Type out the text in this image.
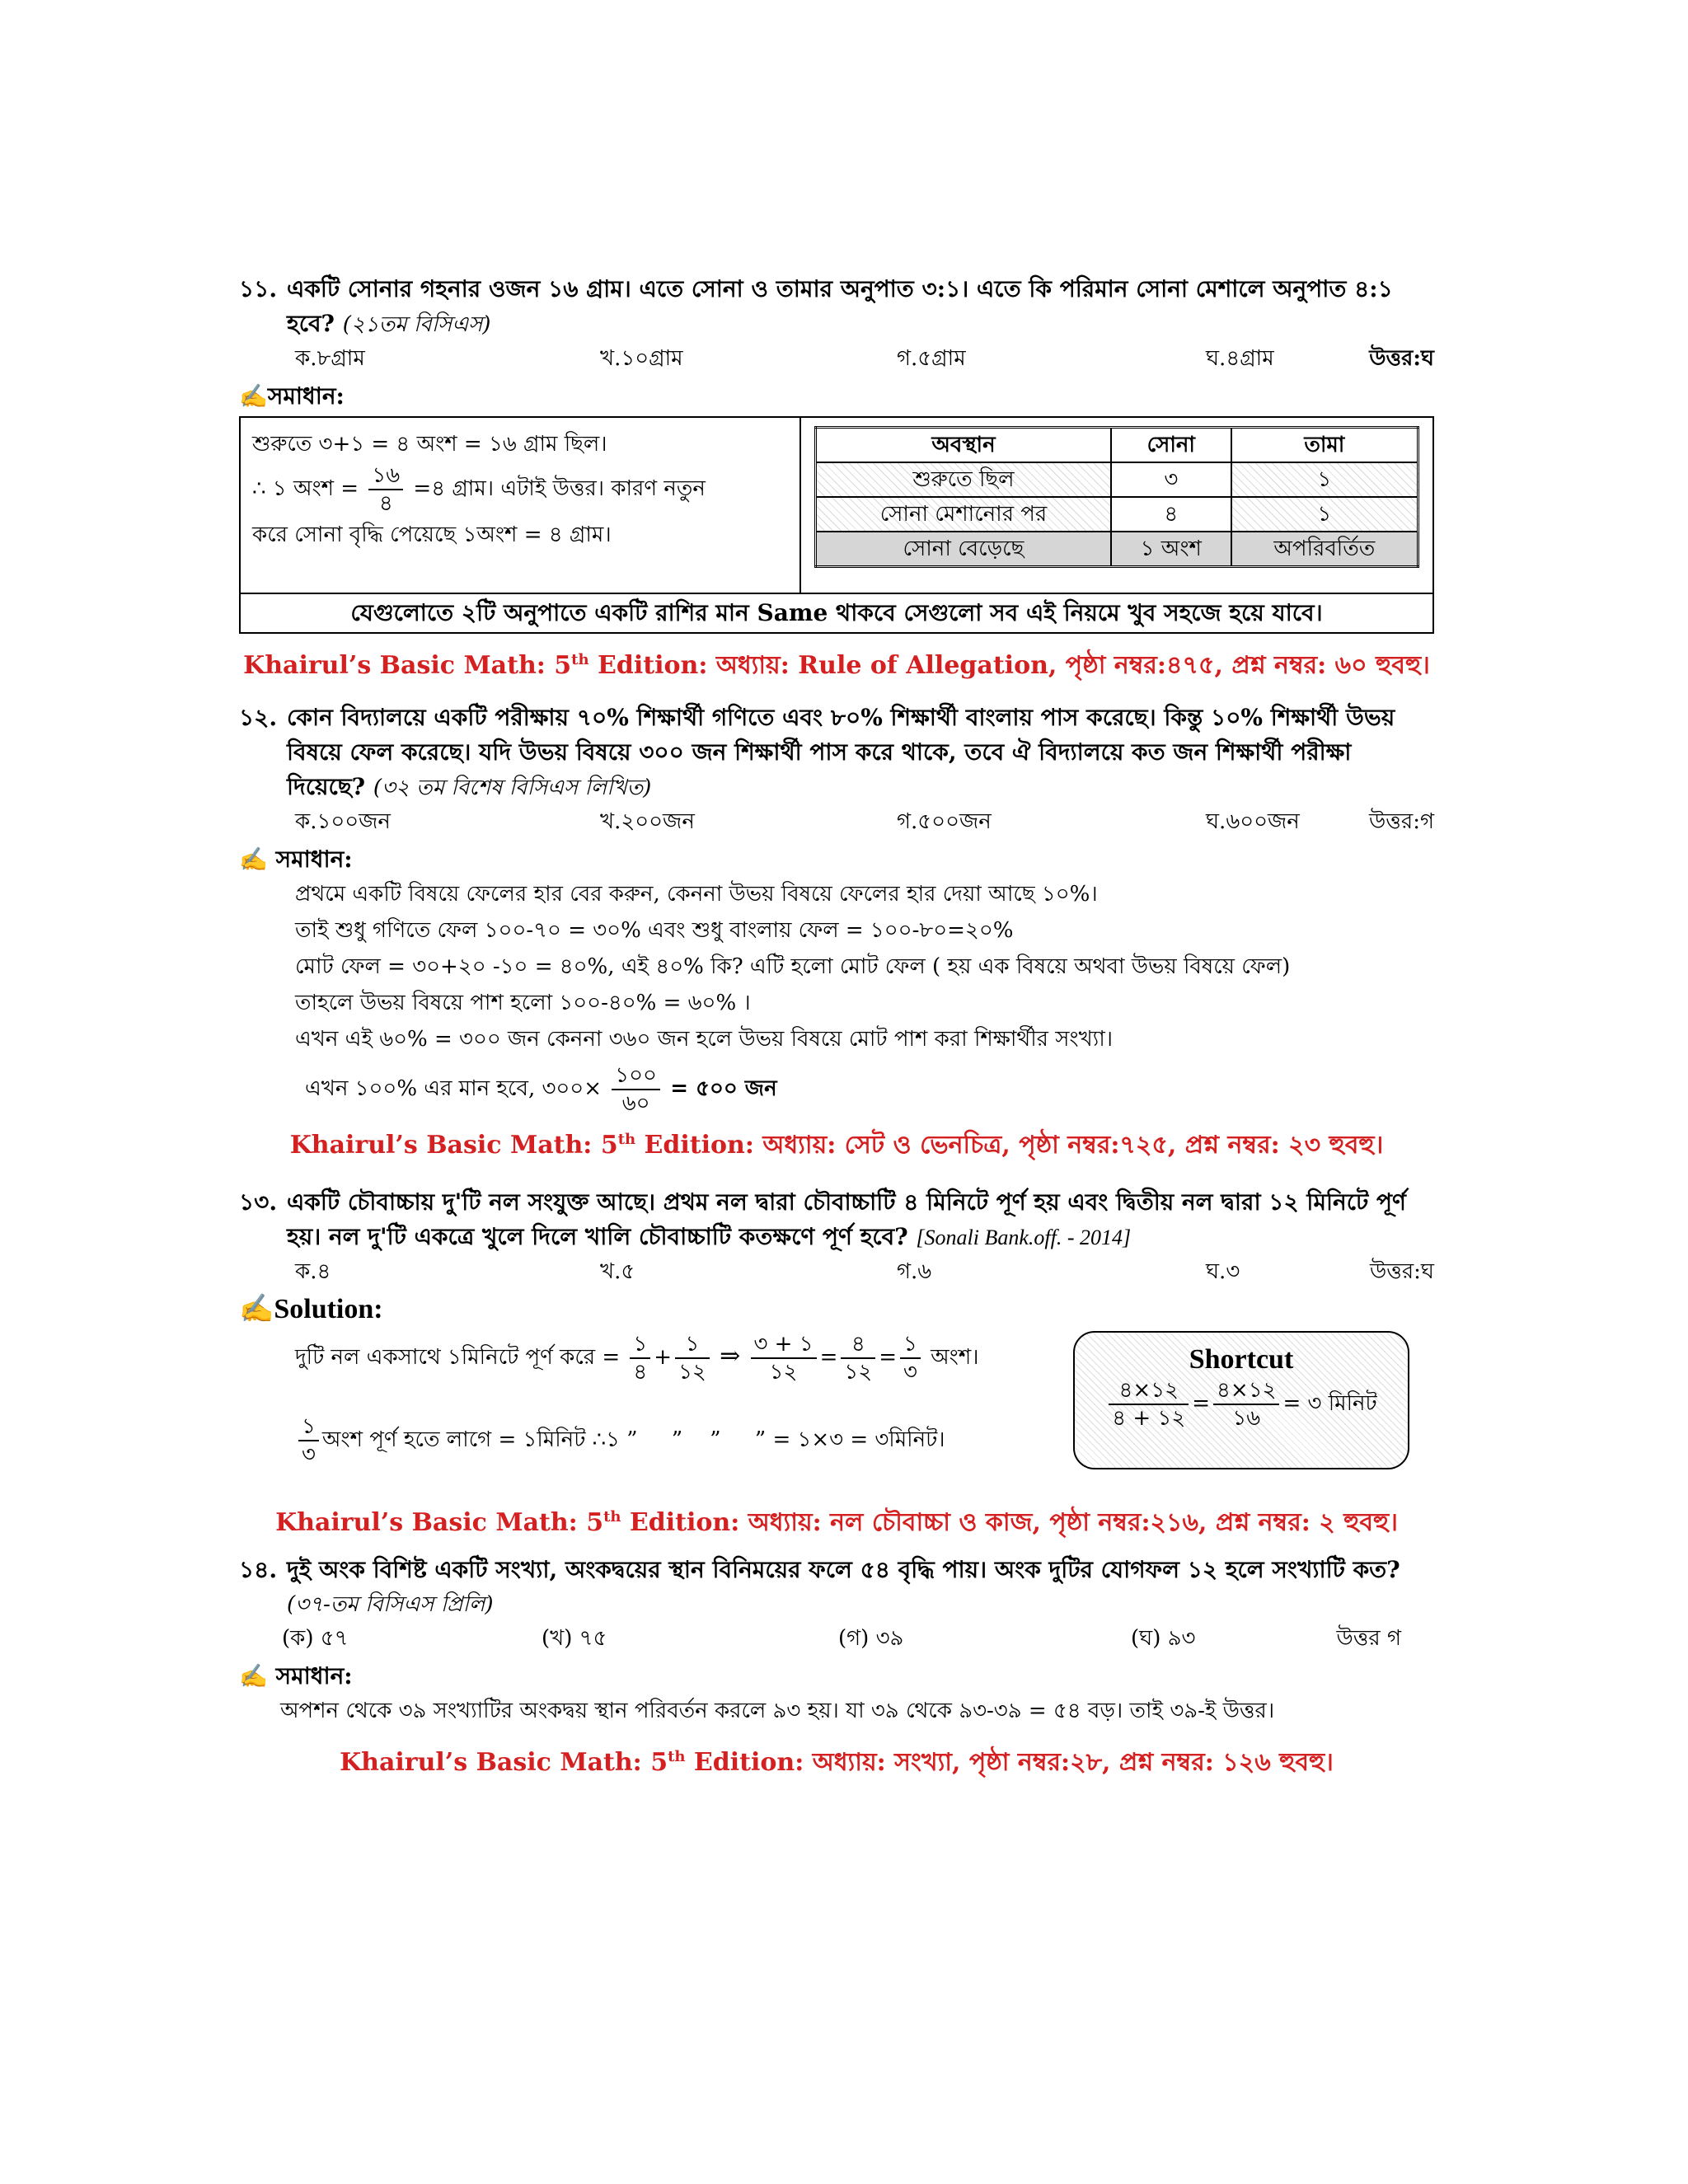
১১. একটি সোনার গহনার ওজন ১৬ গ্রাম। এতে সোনা ও তামার অনুপাত ৩:১। এতে কি পরিমান সোনা মেশালে অনুপাত ৪:১ হবে? (২১তম বিসিএস)
ক.৮গ্রাম	খ.১০গ্রাম	গ.৫গ্রাম	ঘ.৪গ্রাম	উত্তর:ঘ
✍সমাধান:
শুরুতে ৩+১ = ৪ অংশ = ১৬ গ্রাম ছিল।
∴ ১ অংশ = $\frac{১৬}{৪}$ =৪ গ্রাম। এটাই উত্তর। কারণ নতুন
করে সোনা বৃদ্ধি পেয়েছে ১অংশ = ৪ গ্রাম।
অবস্থান	সোনা	তামা
শুরুতে ছিল	৩	১
সোনা মেশানোর পর	৪	১
সোনা বেড়েছে	১ অংশ	অপরিবর্তিত
যেগুলোতে ২টি অনুপাতে একটি রাশির মান Same থাকবে সেগুলো সব এই নিয়মে খুব সহজে হয়ে যাবে।
Khairul’s Basic Math: 5th Edition: অধ্যায়: Rule of Allegation, পৃষ্ঠা নম্বর:৪৭৫, প্রশ্ন নম্বর: ৬০ হুবহু।
১২. কোন বিদ্যালয়ে একটি পরীক্ষায় ৭০% শিক্ষার্থী গণিতে এবং ৮০% শিক্ষার্থী বাংলায় পাস করেছে। কিন্তু ১০% শিক্ষার্থী উভয় বিষয়ে ফেল করেছে। যদি উভয় বিষয়ে ৩০০ জন শিক্ষার্থী পাস করে থাকে, তবে ঐ বিদ্যালয়ে কত জন শিক্ষার্থী পরীক্ষা দিয়েছে? (৩২ তম বিশেষ বিসিএস লিখিত)
ক.১০০জন	খ.২০০জন	গ.৫০০জন	ঘ.৬০০জন	উত্তর:গ
✍ সমাধান:
প্রথমে একটি বিষয়ে ফেলের হার বের করুন, কেননা উভয় বিষয়ে ফেলের হার দেয়া আছে ১০%।
তাই শুধু গণিতে ফেল ১০০-৭০ = ৩০% এবং শুধু বাংলায় ফেল = ১০০-৮০=২০%
মোট ফেল = ৩০+২০ -১০ = ৪০%, এই ৪০% কি? এটি হলো মোট ফেল ( হয় এক বিষয়ে অথবা উভয় বিষয়ে ফেল)
তাহলে উভয় বিষয়ে পাশ হলো ১০০-৪০% = ৬০% ।
এখন এই ৬০% = ৩০০ জন কেননা ৩৬০ জন হলে উভয় বিষয়ে মোট পাশ করা শিক্ষার্থীর সংখ্যা।
এখন ১০০% এর মান হবে, ৩০০× $\frac{১০০}{৬০}$ = ৫০০ জন
Khairul’s Basic Math: 5th Edition: অধ্যায়: সেট ও ভেনচিত্র, পৃষ্ঠা নম্বর:৭২৫, প্রশ্ন নম্বর: ২৩ হুবহু।
১৩. একটি চৌবাচ্চায় দু'টি নল সংযুক্ত আছে। প্রথম নল দ্বারা চৌবাচ্চাটি ৪ মিনিটে পূর্ণ হয় এবং দ্বিতীয় নল দ্বারা ১২ মিনিটে পূর্ণ হয়। নল দু'টি একত্রে খুলে দিলে খালি চৌবাচ্চাটি কতক্ষণে পূর্ণ হবে? [Sonali Bank.off. - 2014]
ক.৪	খ.৫	গ.৬	ঘ.৩	উত্তর:ঘ
✍Solution:
দুটি নল একসাথে ১মিনিটে পূর্ণ করে = $\frac{১}{৪} + \frac{১}{১২}$ ⇒ $\frac{৩ + ১}{১২} = \frac{৪}{১২} = \frac{১}{৩}$ অংশ।
$\frac{১}{৩}$ অংশ পূর্ণ হতে লাগে = ১মিনিট ∴১ ”     ”    ”     ” = ১×৩ = ৩মিনিট।
Shortcut
$\frac{৪\times ১২}{৪ + ১২} = \frac{৪\times ১২}{১৬}$ = ৩ মিনিট
Khairul’s Basic Math: 5th Edition: অধ্যায়: নল চৌবাচ্চা ও কাজ, পৃষ্ঠা নম্বর:২১৬, প্রশ্ন নম্বর: ২ হুবহু।
১৪. দুই অংক বিশিষ্ট একটি সংখ্যা, অংকদ্বয়ের স্থান বিনিময়ের ফলে ৫৪ বৃদ্ধি পায়। অংক দুটির যোগফল ১২ হলে সংখ্যাটি কত?
(৩৭-তম বিসিএস প্রিলি)
(ক) ৫৭	(খ) ৭৫	(গ) ৩৯	(ঘ) ৯৩	উত্তর গ
✍ সমাধান:
অপশন থেকে ৩৯ সংখ্যাটির অংকদ্বয় স্থান পরিবর্তন করলে ৯৩ হয়। যা ৩৯ থেকে ৯৩-৩৯ = ৫৪ বড়। তাই ৩৯-ই উত্তর।
Khairul’s Basic Math: 5th Edition: অধ্যায়: সংখ্যা, পৃষ্ঠা নম্বর:২৮, প্রশ্ন নম্বর: ১২৬ হুবহু।
